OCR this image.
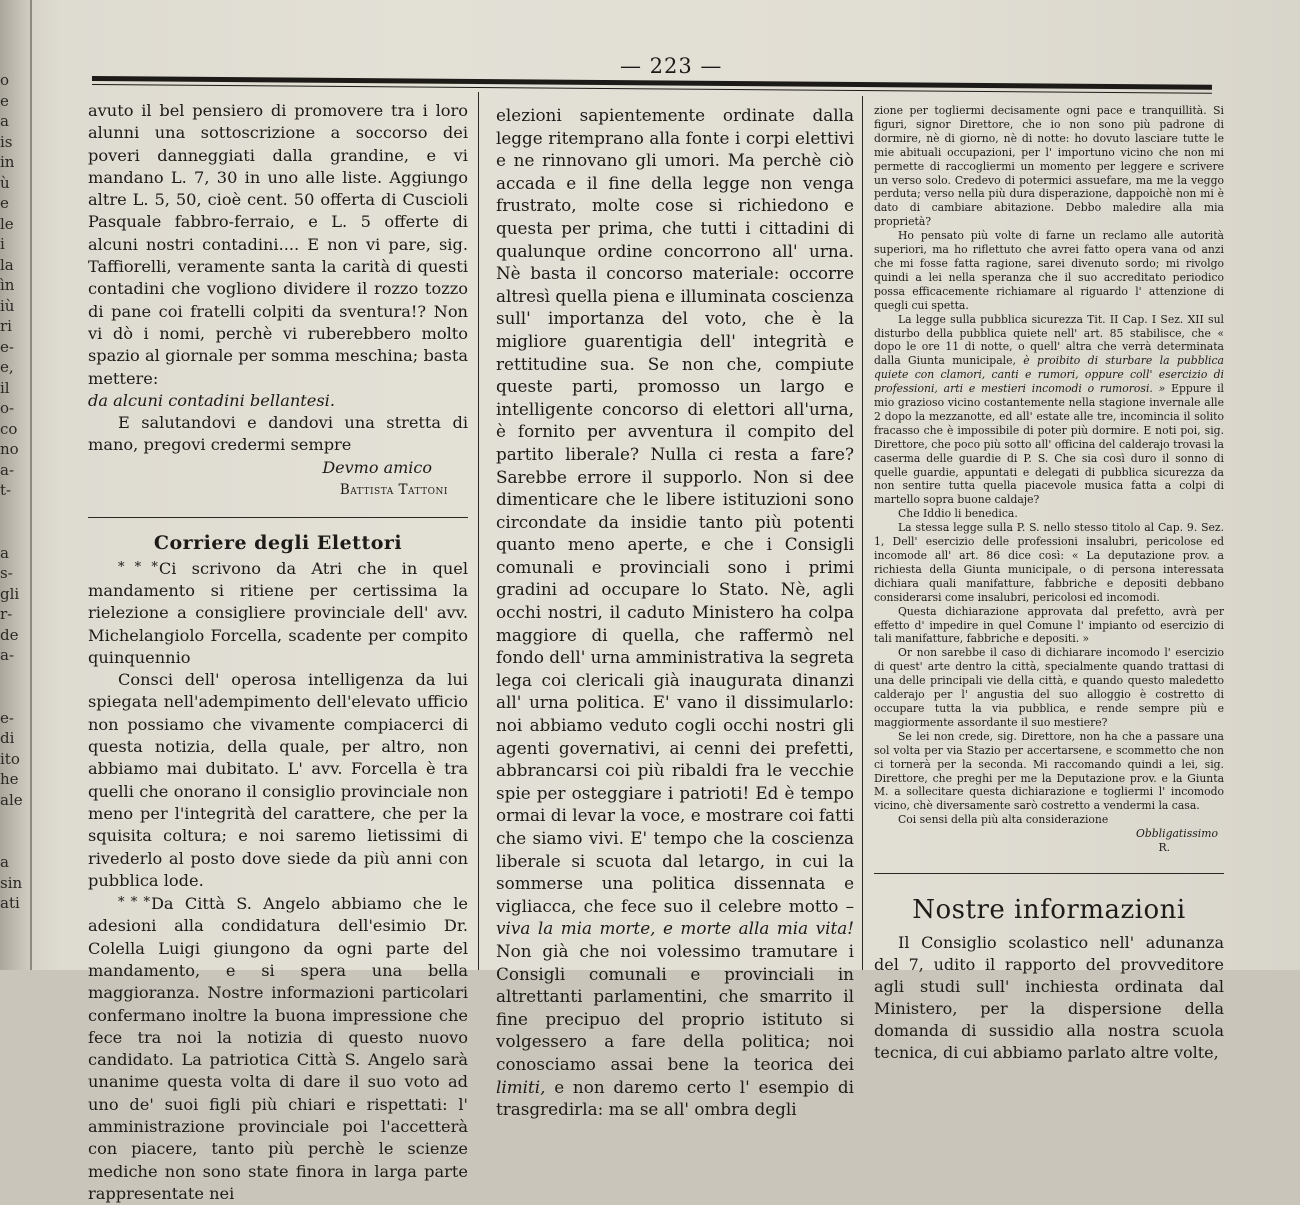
o
e
a
is
in
ù
e
le
i
la
ìn
iù
ri
e-
e,
il
o-
co
no
a-
t-
a
s-
gli
r-
de
a-
e-
di
ito
he
ale
a
sin
ati
— 223 —

avuto il bel pensiero di promovere tra i loro alunni una sottoscrizione a soccorso dei poveri danneggiati dalla grandine, e vi mandano L. 7, 30 in uno alle liste. Aggiungo altre L. 5, 50, cioè cent. 50 offerta di Cuscioli Pasquale fabbro-ferraio, e L. 5 offerte di alcuni nostri contadini.... E non vi pare, sig. Taffiorelli, veramente santa la carità di questi contadini che vogliono dividere il rozzo tozzo di pane coi fratelli colpiti da sventura!? Non vi dò i nomi, perchè vi ruberebbero molto spazio al giornale per somma meschina; basta mettere:

da alcuni contadini bellantesi.

E salutandovi e dandovi una stretta di mano, pregovi credermi sempre

Devmo amico

Battista Tattoni

Corriere degli Elettori

* * * Ci scrivono da Atri che in quel mandamento si ritiene per certissima la rielezione a consigliere provinciale dell' avv. Michelangiolo Forcella, scadente per compito quinquennio

Consci dell' operosa intelligenza da lui spiegata nell'adempimento dell'elevato ufficio non possiamo che vivamente compiacerci di questa notizia, della quale, per altro, non abbiamo mai dubitato. L' avv. Forcella è tra quelli che onorano il consiglio provinciale non meno per l'integrità del carattere, che per la squisita coltura; e noi saremo lietissimi di rivederlo al posto dove siede da più anni con pubblica lode.

* * * Da Città S. Angelo abbiamo che le adesioni alla condidatura dell'esimio Dr. Colella Luigi giungono da ogni parte del mandamento, e si spera una bella maggioranza. Nostre informazioni particolari confermano inoltre la buona impressione che fece tra noi la notizia di questo nuovo candidato. La patriotica Città S. Angelo sarà unanime questa volta di dare il suo voto ad uno de' suoi figli più chiari e rispettati: l' amministrazione provinciale poi l'accetterà con piacere, tanto più perchè le scienze mediche non sono state finora in larga parte rappresentate nei

elezioni sapientemente ordinate dalla legge ritemprano alla fonte i corpi elettivi e ne rinnovano gli umori. Ma perchè ciò accada e il fine della legge non venga frustrato, molte cose si richiedono e questa per prima, che tutti i cittadini di qualunque ordine concorrono all' urna. Nè basta il concorso materiale: occorre altresì quella piena e illuminata coscienza sull' importanza del voto, che è la migliore guarentigia dell' integrità e rettitudine sua. Se non che, compiute queste parti, promosso un largo e intelligente concorso di elettori all'urna, è fornito per avventura il compito del partito liberale? Nulla ci resta a fare? Sarebbe errore il supporlo. Non si dee dimenticare che le libere istituzioni sono circondate da insidie tanto più potenti quanto meno aperte, e che i Consigli comunali e provinciali sono i primi gradini ad occupare lo Stato. Nè, agli occhi nostri, il caduto Ministero ha colpa maggiore di quella, che raffermò nel fondo dell' urna amministrativa la segreta lega coi clericali già inaugurata dinanzi all' urna politica. E' vano il dissimularlo: noi abbiamo veduto cogli occhi nostri gli agenti governativi, ai cenni dei prefetti, abbrancarsi coi più ribaldi fra le vecchie spie per osteggiare i patrioti! Ed è tempo ormai di levar la voce, e mostrare coi fatti che siamo vivi. E' tempo che la coscienza liberale si scuota dal letargo, in cui la sommerse una politica dissennata e vigliacca, che fece suo il celebre motto – viva la mia morte, e morte alla mia vita! Non già che noi volessimo tramutare i Consigli comunali e provinciali in altrettanti parlamentini, che smarrito il fine precipuo del proprio istituto si volgessero a fare della politica; noi conosciamo assai bene la teorica dei limiti, e non daremo certo l' esempio di trasgredirla: ma se all' ombra degli

zione per togliermi decisamente ogni pace e tranquillità. Si figuri, signor Direttore, che io non sono più padrone di dormire, nè di giorno, nè di notte: ho dovuto lasciare tutte le mie abituali occupazioni, per l' importuno vicino che non mi permette di raccogliermi un momento per leggere e scrivere un verso solo. Credevo di potermici assuefare, ma me la veggo perduta; verso nella più dura disperazione, dappoichè non mi è dato di cambiare abitazione. Debbo maledire alla mia proprietà?

Ho pensato più volte di farne un reclamo alle autorità superiori, ma ho riflettuto che avrei fatto opera vana od anzi che mi fosse fatta ragione, sarei divenuto sordo; mi rivolgo quindi a lei nella speranza che il suo accreditato periodico possa efficacemente richiamare al riguardo l' attenzione di quegli cui spetta.

La legge sulla pubblica sicurezza Tit. II Cap. I Sez. XII sul disturbo della pubblica quiete nell' art. 85 stabilisce, che « dopo le ore 11 di notte, o quell' altra che verrà determinata dalla Giunta municipale, è proibito di sturbare la pubblica quiete con clamori, canti e rumori, oppure coll' esercizio di professioni, arti e mestieri incomodi o rumorosi. » Eppure il mio grazioso vicino costantemente nella stagione invernale alle 2 dopo la mezzanotte, ed all' estate alle tre, incomincia il solito fracasso che è impossibile di poter più dormire. E noti poi, sig. Direttore, che poco più sotto all' officina del calderajo trovasi la caserma delle guardie di P. S. Che sia così duro il sonno di quelle guardie, appuntati e delegati di pubblica sicurezza da non sentire tutta quella piacevole musica fatta a colpi di martello sopra buone caldaje?

Che Iddio li benedica.

La stessa legge sulla P. S. nello stesso titolo al Cap. 9. Sez. 1, Dell' esercizio delle professioni insalubri, pericolose ed incomode all' art. 86 dice così: « La deputazione prov. a richiesta della Giunta municipale, o di persona interessata dichiara quali manifatture, fabbriche e depositi debbano considerarsi come insalubri, pericolosi ed incomodi.

Questa dichiarazione approvata dal prefetto, avrà per effetto d' impedire in quel Comune l' impianto od esercizio di tali manifatture, fabbriche e depositi. »

Or non sarebbe il caso di dichiarare incomodo l' esercizio di quest' arte dentro la città, specialmente quando trattasi di una delle principali vie della città, e quando questo maledetto calderajo per l' angustia del suo alloggio è costretto di occupare tutta la via pubblica, e rende sempre più e maggiormente assordante il suo mestiere?

Se lei non crede, sig. Direttore, non ha che a passare una sol volta per via Stazio per accertarsene, e scommetto che non ci tornerà per la seconda. Mi raccomando quindi a lei, sig. Direttore, che preghi per me la Deputazione prov. e la Giunta M. a sollecitare questa dichiarazione e togliermi l' incomodo vicino, chè diversamente sarò costretto a vendermi la casa.

Coi sensi della più alta considerazione

Obbligatissimo

R.

Nostre informazioni

Il Consiglio scolastico nell' adunanza del 7, udito il rapporto del provveditore agli studi sull' inchiesta ordinata dal Ministero, per la dispersione della domanda di sussidio alla nostra scuola tecnica, di cui abbiamo parlato altre volte,
